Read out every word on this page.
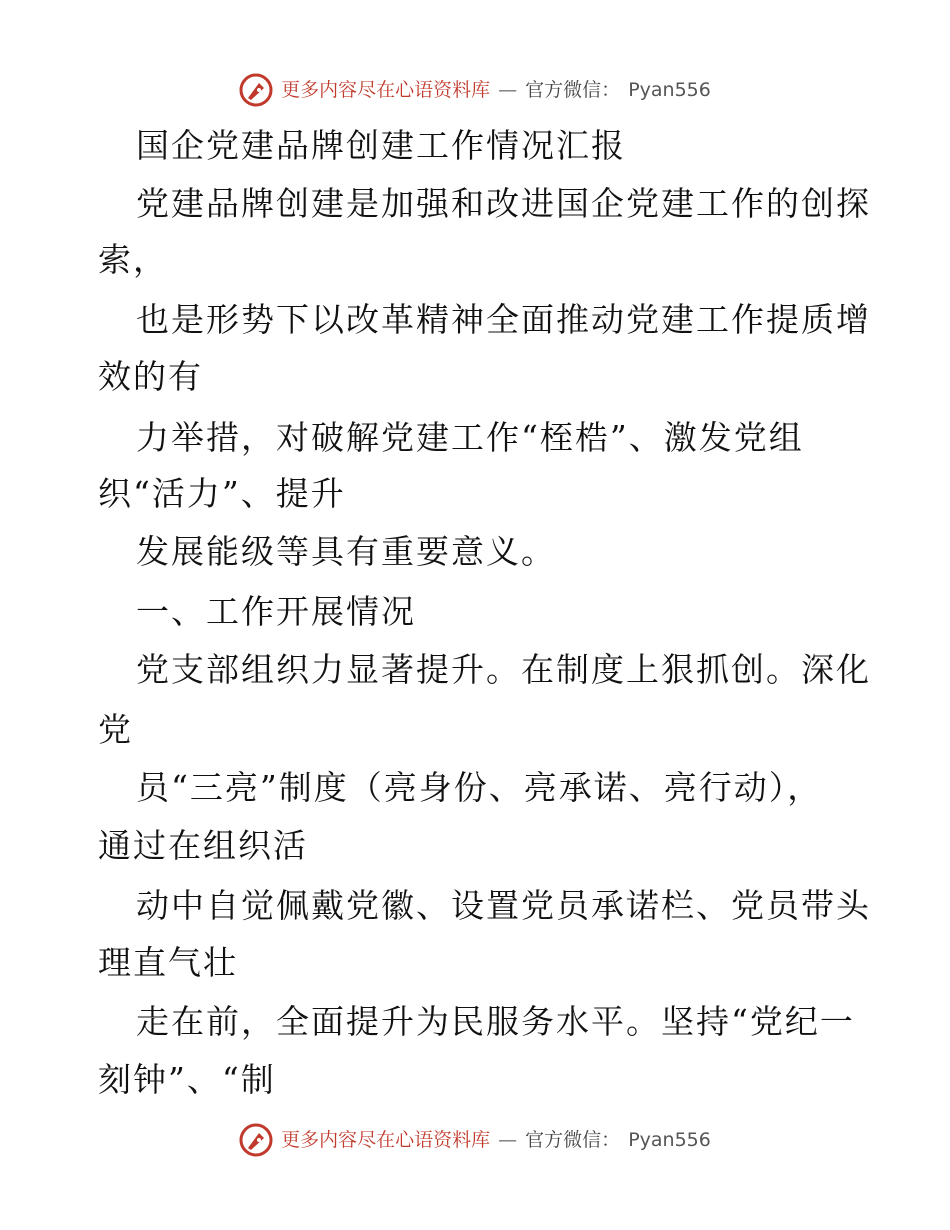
更多内容尽在心语资料库 — 官方微信： Pyan556
国企党建品牌创建工作情况汇报
党建品牌创建是加强和改进国企党建工作的创探
索，
也是形势下以改革精神全面推动党建工作提质增
效的有
力举措，对破解党建工作“桎梏”、激发党组
织“活力”、提升
发展能级等具有重要意义。
一、工作开展情况
党支部组织力显著提升。在制度上狠抓创。深化
党
员“三亮”制度（亮身份、亮承诺、亮行动），
通过在组织活
动中自觉佩戴党徽、设置党员承诺栏、党员带头
理直气壮
走在前，全面提升为民服务水平。坚持“党纪一
刻钟”、“制
更多内容尽在心语资料库 — 官方微信： Pyan556
